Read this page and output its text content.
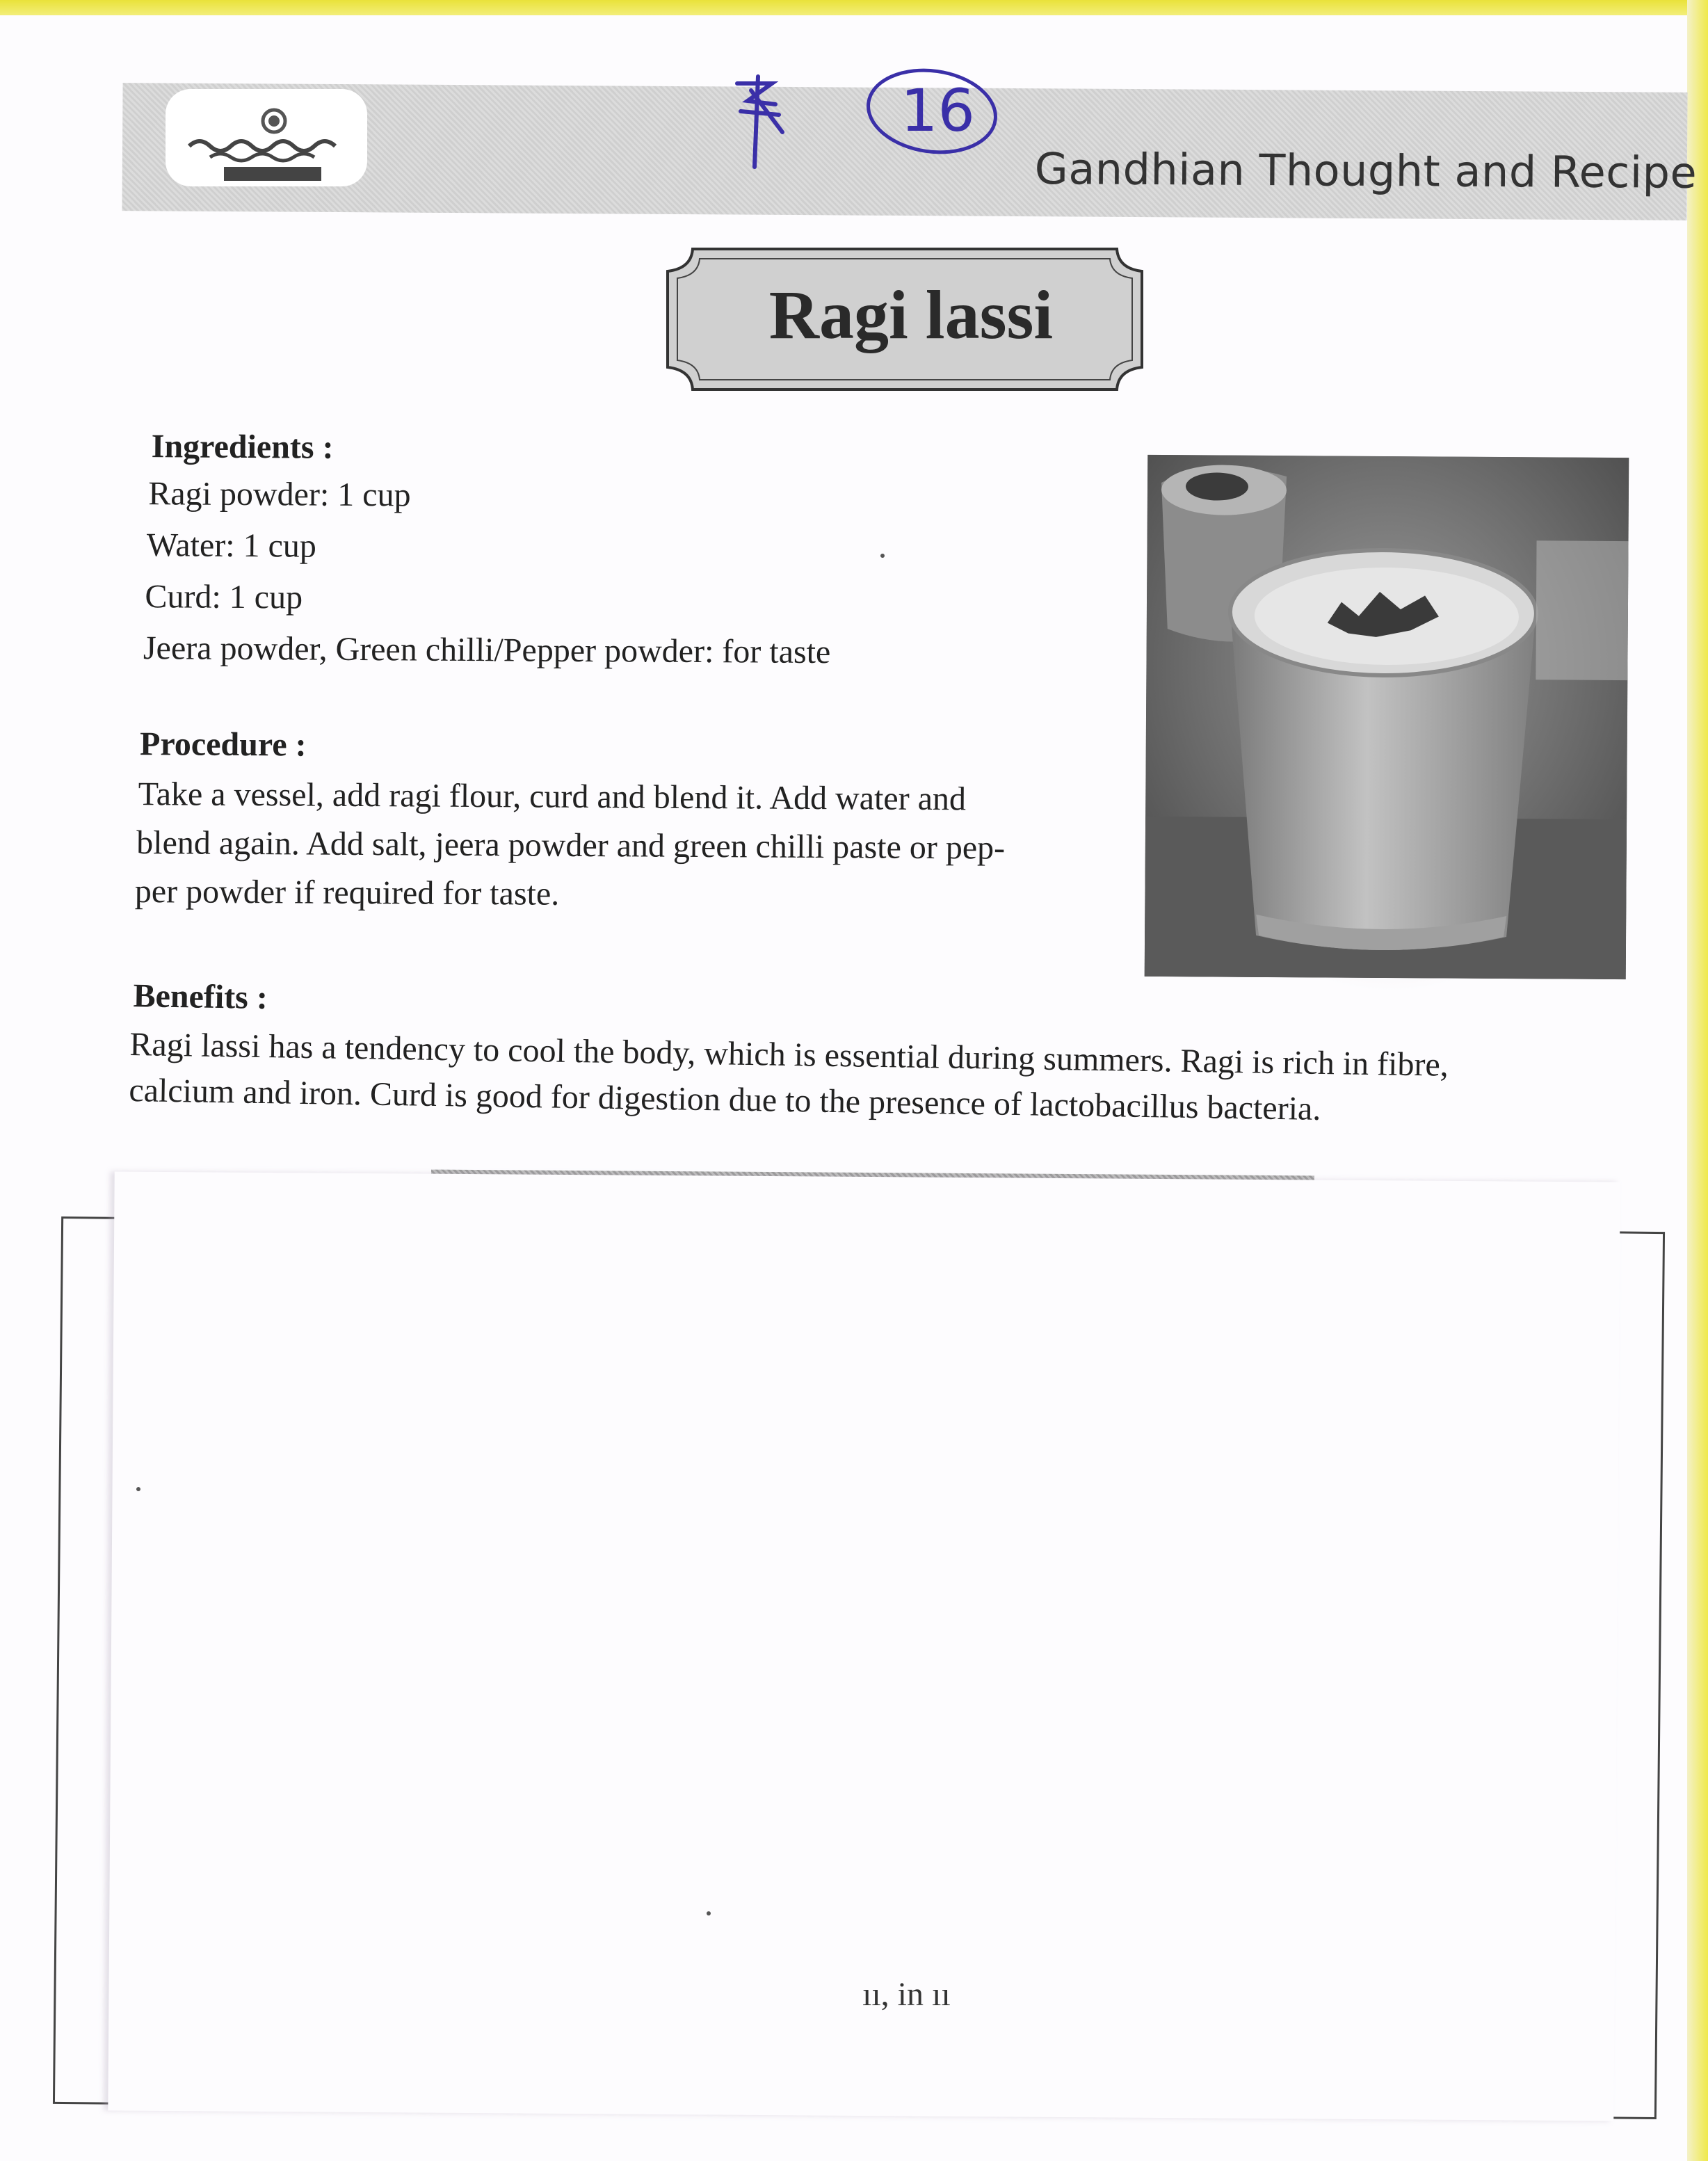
Gandhian Thought and Recipe
16
Ragi lassi
Ingredients :
Ragi powder: 1 cup
Water: 1 cup
Curd: 1 cup
Jeera powder, Green chilli/Pepper powder: for taste
Procedure :
Take a vessel, add ragi flour, curd and blend it. Add water and
blend again. Add salt, jeera powder and green chilli paste or pep-
per powder if required for taste.
Benefits :
Ragi lassi has a tendency to cool the body, which is essential during summers. Ragi is rich in fibre,
calcium and iron. Curd is good for digestion due to the presence of lactobacillus bacteria.
ıı, in ıı
